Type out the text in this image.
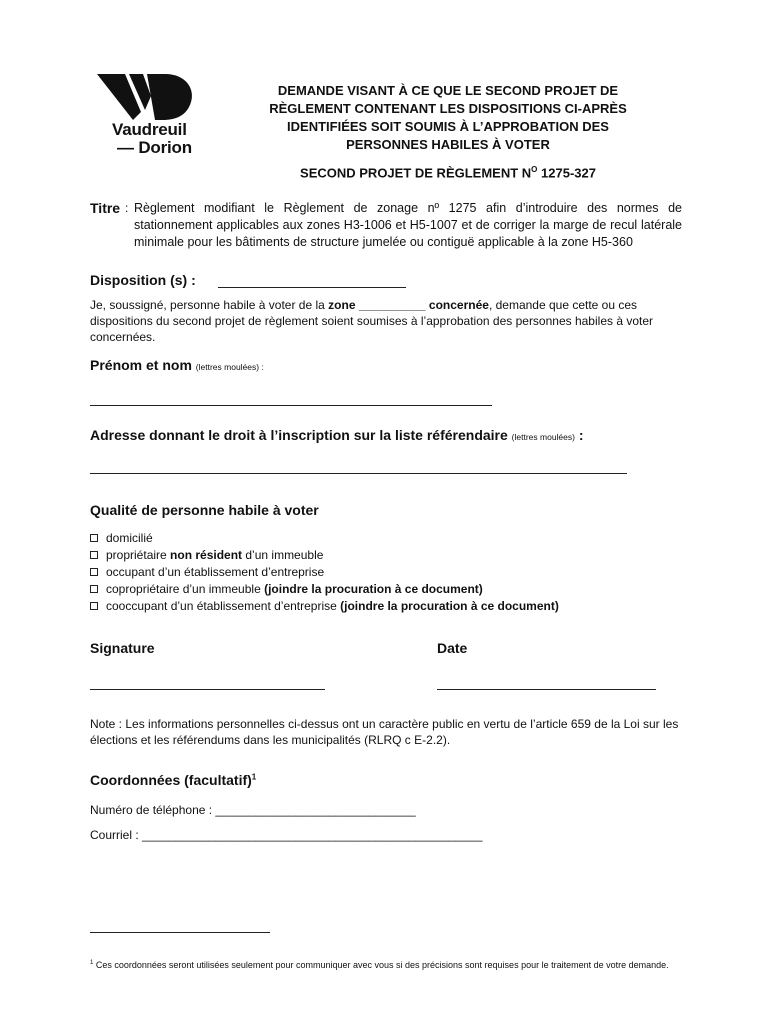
Vaudreuil
— Dorion
DEMANDE VISANT À CE QUE LE SECOND PROJET DE
RÈGLEMENT CONTENANT LES DISPOSITIONS CI-APRÈS
IDENTIFIÉES SOIT SOUMIS À L’APPROBATION DES
PERSONNES HABILES À VOTER
SECOND PROJET DE RÈGLEMENT $N^O$ 1275-327
Titre : Règlement modifiant le Règlement de zonage nº 1275 afin d’introduire des normes de stationnement applicables aux zones H3-1006 et H5-1007 et de corriger la marge de recul latérale minimale pour les bâtiments de structure jumelée ou contiguë applicable à la zone H5-360
Disposition (s) :
Je, soussigné, personne habile à voter de la zone __________ concernée, demande que cette ou ces dispositions du second projet de règlement soient soumises à l’approbation des personnes habiles à voter concernées.
Prénom et nom (lettres moulées) :
Adresse donnant le droit à l’inscription sur la liste référendaire (lettres moulées) :
Qualité de personne habile à voter
domicilié
propriétaire non résident d’un immeuble
occupant d’un établissement d’entreprise
copropriétaire d’un immeuble (joindre la procuration à ce document)
cooccupant d’un établissement d’entreprise (joindre la procuration à ce document)
Signature	Date
Note : Les informations personnelles ci-dessus ont un caractère public en vertu de l’article 659 de la Loi sur les élections et les référendums dans les municipalités (RLRQ c E-2.2).
Coordonnées (facultatif)$^1$
Numéro de téléphone : ______________________________
Courriel : ___________________________________________________
$^1$ Ces coordonnées seront utilisées seulement pour communiquer avec vous si des précisions sont requises pour le traitement de votre demande.
